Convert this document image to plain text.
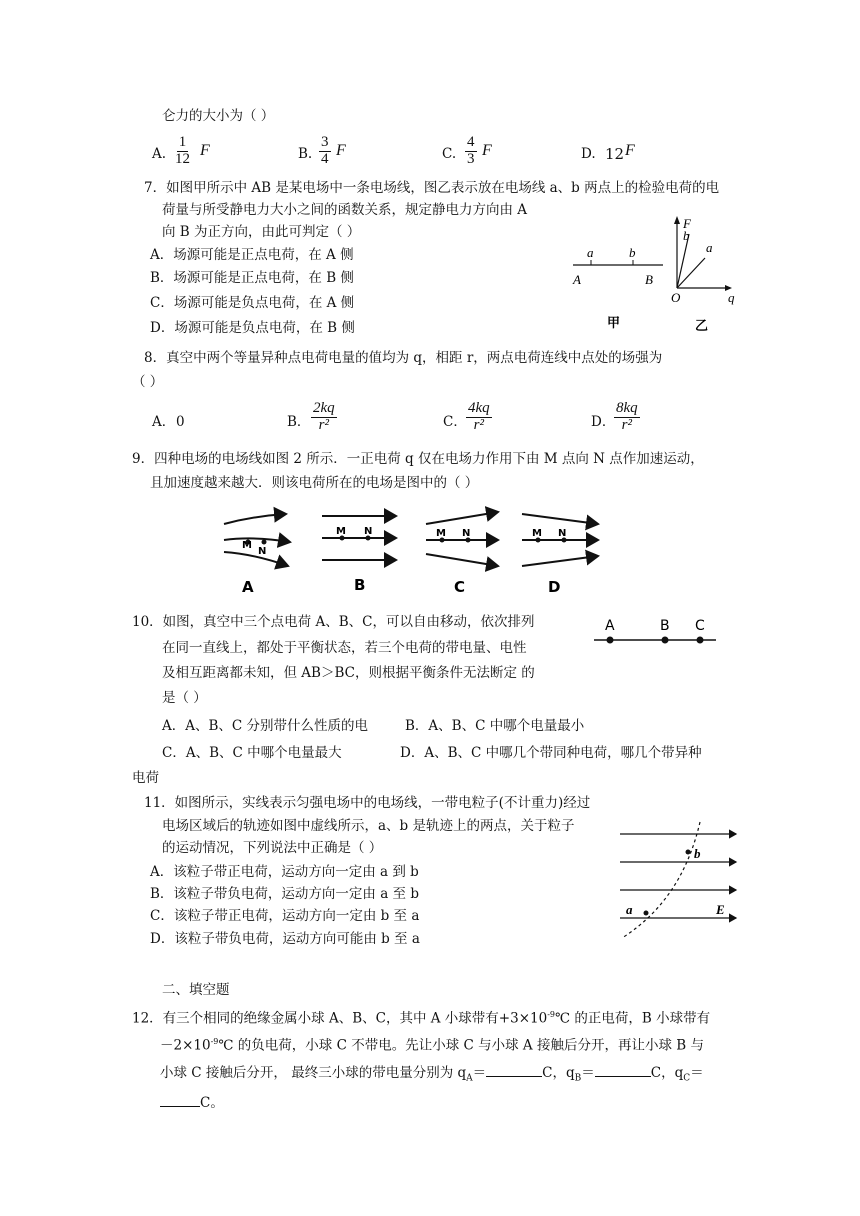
仑力的大小为（ ）
A. $\frac{1}{12}$ F	B. $\frac{3}{4}$ F	C. $\frac{4}{3}$ F	D. 12 F
7．如图甲所示中 AB 是某电场中一条电场线，图乙表示放在电场线 a、b 两点上的检验电荷的电
荷量与所受静电力大小之间的函数关系，规定静电力方向由 A
向 B 为正方向，由此可判定（ ）
A．场源可能是正点电荷，在 A 侧
B．场源可能是正点电荷，在 B 侧
C．场源可能是负点电荷，在 A 侧
D．场源可能是负点电荷，在 B 侧
a	b
A	B
甲
F
b
a
O	q
乙
8．真空中两个等量异种点电荷电量的值均为 q，相距 r，两点电荷连线中点处的场强为
（ ）
A． 0	B． $\frac{2kq}{\text{r²}}$	C． $\frac{4kq}{\text{r²}}$	D．
$\frac{8kq}{\text{r²}}$
9．四种电场的电场线如图 2 所示．一正电荷 q 仅在电场力作用下由 M 点向 N 点作加速运动，
且加速度越来越大．则该电荷所在的电场是图中的（ ）
M
N
M N	M N	M N
A	B	C	D
10．如图，真空中三个点电荷 A、B、C，可以自由移动，依次排列
在同一直线上，都处于平衡状态，若三个电荷的带电量、电性
及相互距离都未知，但 AB＞BC，则根据平衡条件无法断定 的
是（ ）
A．A、B、C 分别带什么性质的电	B．A、B、C 中哪个电量最小
C．A、B、C 中哪个电量最大	D．A、B、C 中哪几个带同种电荷，哪几个带异种
电荷
A	B C
11．如图所示，实线表示匀强电场中的电场线，一带电粒子(不计重力)经过
电场区域后的轨迹如图中虚线所示，a、b 是轨迹上的两点，关于粒子
的运动情况，下列说法中正确是（ ）
A．该粒子带正电荷，运动方向一定由 a 到 b
B．该粒子带负电荷，运动方向一定由 a 至 b
C．该粒子带正电荷，运动方向一定由 b 至 a
D．该粒子带负电荷，运动方向可能由 b 至 a
b
a	E
二、填空题
12．有三个相同的绝缘金属小球 A、B、C，其中 A 小球带有$+3\times 10^{-9}℃$ 的正电荷，B 小球带有
$-2\times 10^{-9}℃$ 的负电荷，小球 C 不带电。先让小球 C 与小球 A 接触后分开，再让小球 B 与
小球 C 接触后分开， 最终三小球的带电量分别为 $q_A=$	C，$q_B=$	C，$q_C=$
C。
